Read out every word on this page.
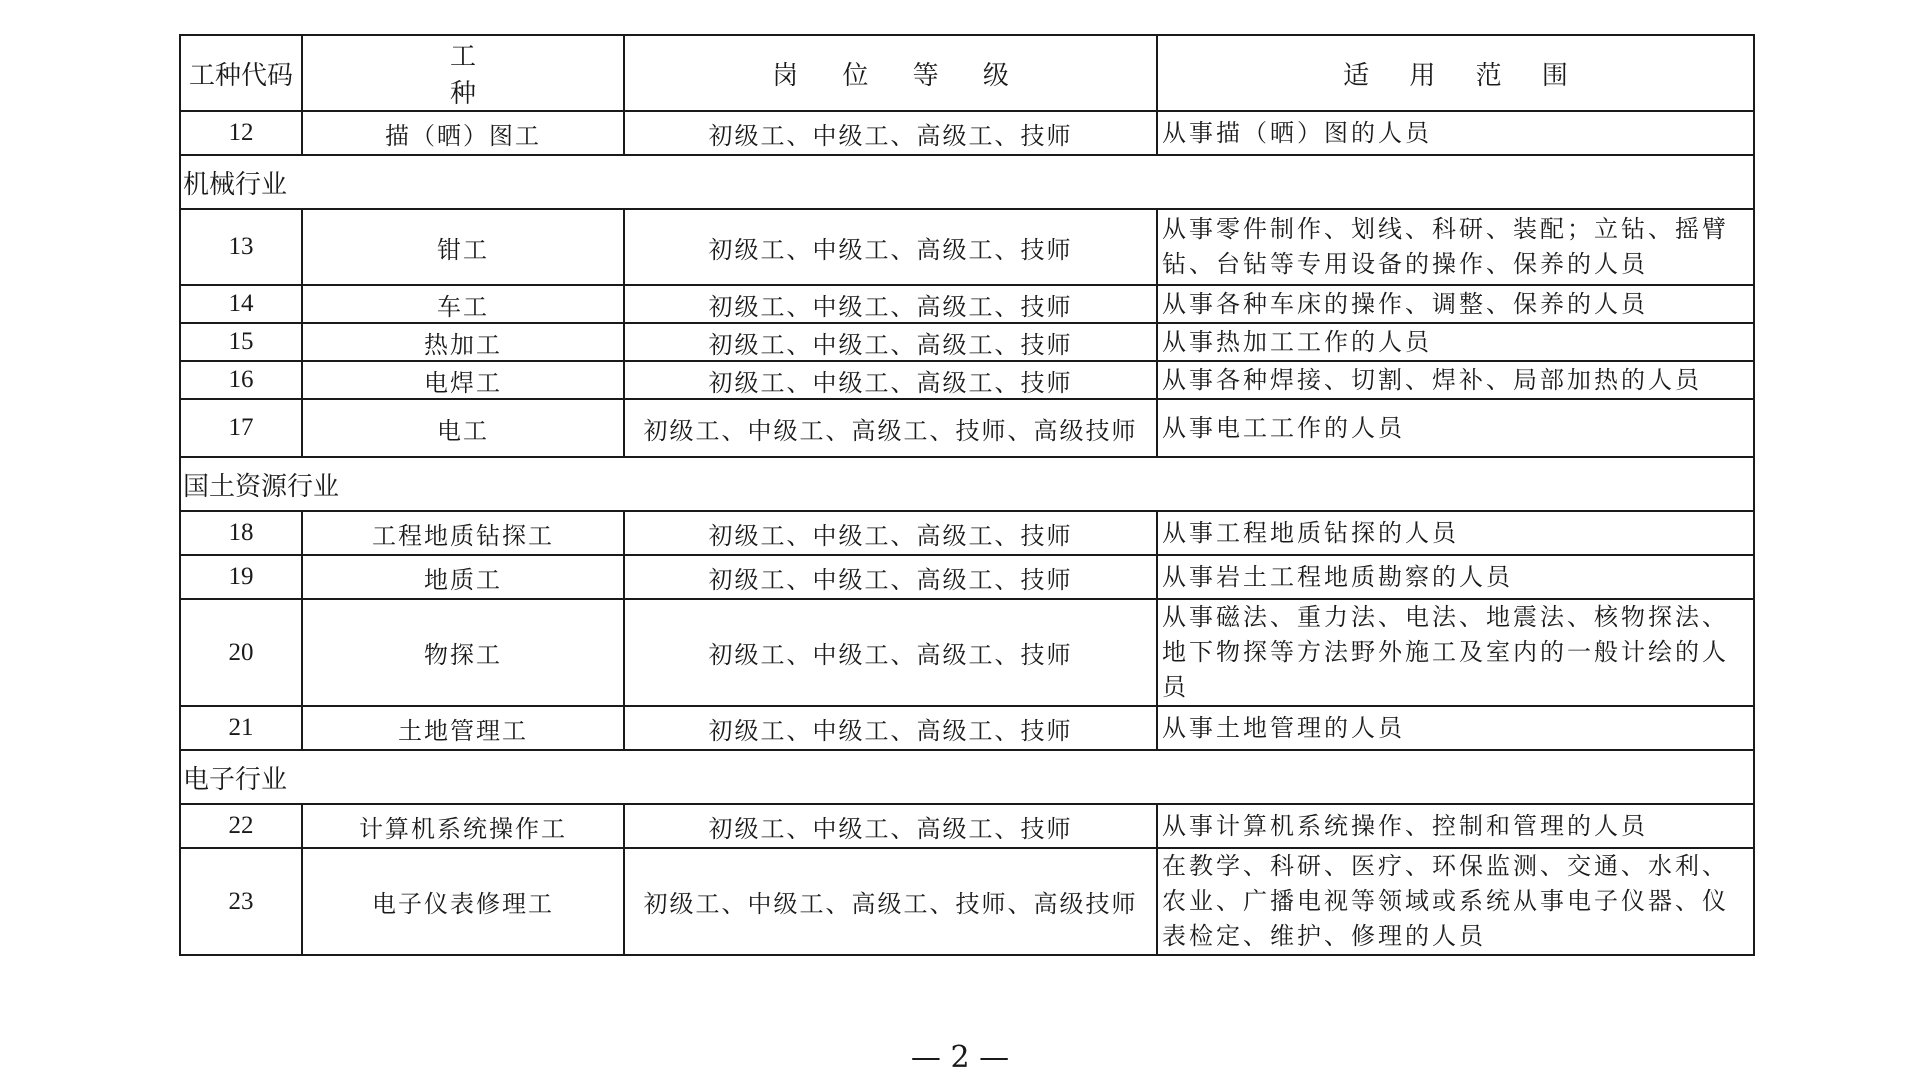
工种代码	工　　　种	岗 位 等 级	适 用 范 围
12	描（晒）图工	初级工、中级工、高级工、技师	从事描（晒）图的人员
机械行业			
13	钳工	初级工、中级工、高级工、技师	从事零件制作、划线、科研、装配；立钻、摇臂钻、台钻等专用设备的操作、保养的人员
14	车工	初级工、中级工、高级工、技师	从事各种车床的操作、调整、保养的人员
15	热加工	初级工、中级工、高级工、技师	从事热加工工作的人员
16	电焊工	初级工、中级工、高级工、技师	从事各种焊接、切割、焊补、局部加热的人员
17	电工	初级工、中级工、高级工、技师、高级技师	从事电工工作的人员
国土资源行业			
18	工程地质钻探工	初级工、中级工、高级工、技师	从事工程地质钻探的人员
19	地质工	初级工、中级工、高级工、技师	从事岩土工程地质勘察的人员
20	物探工	初级工、中级工、高级工、技师	从事磁法、重力法、电法、地震法、核物探法、地下物探等方法野外施工及室内的一般计绘的人员
21	土地管理工	初级工、中级工、高级工、技师	从事土地管理的人员
电子行业			
22	计算机系统操作工	初级工、中级工、高级工、技师	从事计算机系统操作、控制和管理的人员
23	电子仪表修理工	初级工、中级工、高级工、技师、高级技师	在教学、科研、医疗、环保监测、交通、水利、农业、广播电视等领域或系统从事电子仪器、仪表检定、维护、修理的人员
— 2 —
